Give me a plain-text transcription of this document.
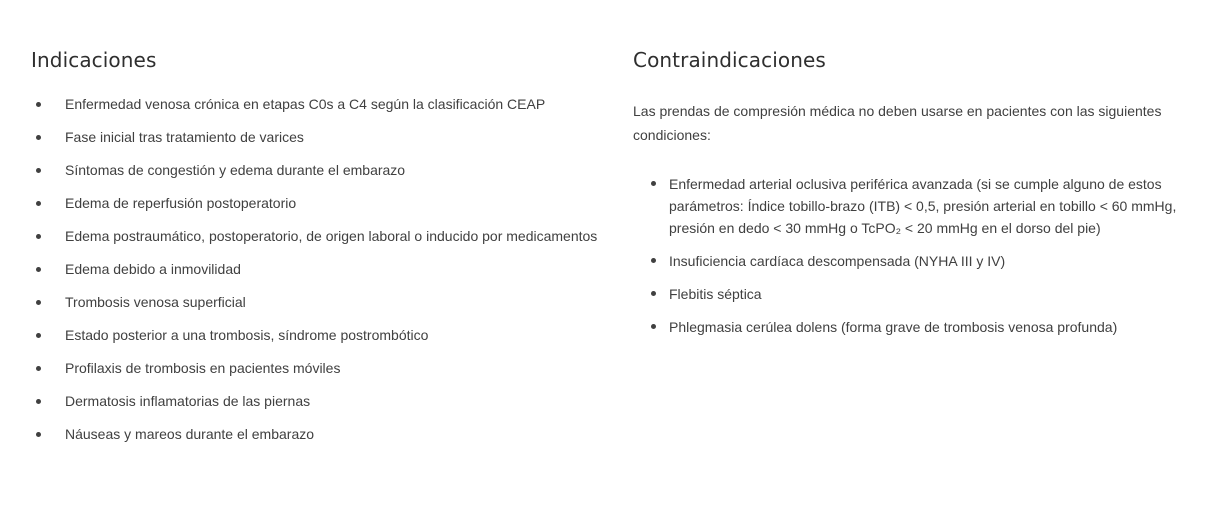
Indicaciones
Enfermedad venosa crónica en etapas C0s a C4 según la clasificación CEAP
Fase inicial tras tratamiento de varices
Síntomas de congestión y edema durante el embarazo
Edema de reperfusión postoperatorio
Edema postraumático, postoperatorio, de origen laboral o inducido por medicamentos
Edema debido a inmovilidad
Trombosis venosa superficial
Estado posterior a una trombosis, síndrome postrombótico
Profilaxis de trombosis en pacientes móviles
Dermatosis inflamatorias de las piernas
Náuseas y mareos durante el embarazo
Contraindicaciones

Las prendas de compresión médica no deben usarse en pacientes con las siguientes condiciones:

Enfermedad arterial oclusiva periférica avanzada (si se cumple alguno de estos parámetros: Índice tobillo-brazo (ITB) < 0,5, presión arterial en tobillo < 60 mmHg, presión en dedo < 30 mmHg o TcPO₂ < 20 mmHg en el dorso del pie)
Insuficiencia cardíaca descompensada (NYHA III y IV)
Flebitis séptica
Phlegmasia cerúlea dolens (forma grave de trombosis venosa profunda)
